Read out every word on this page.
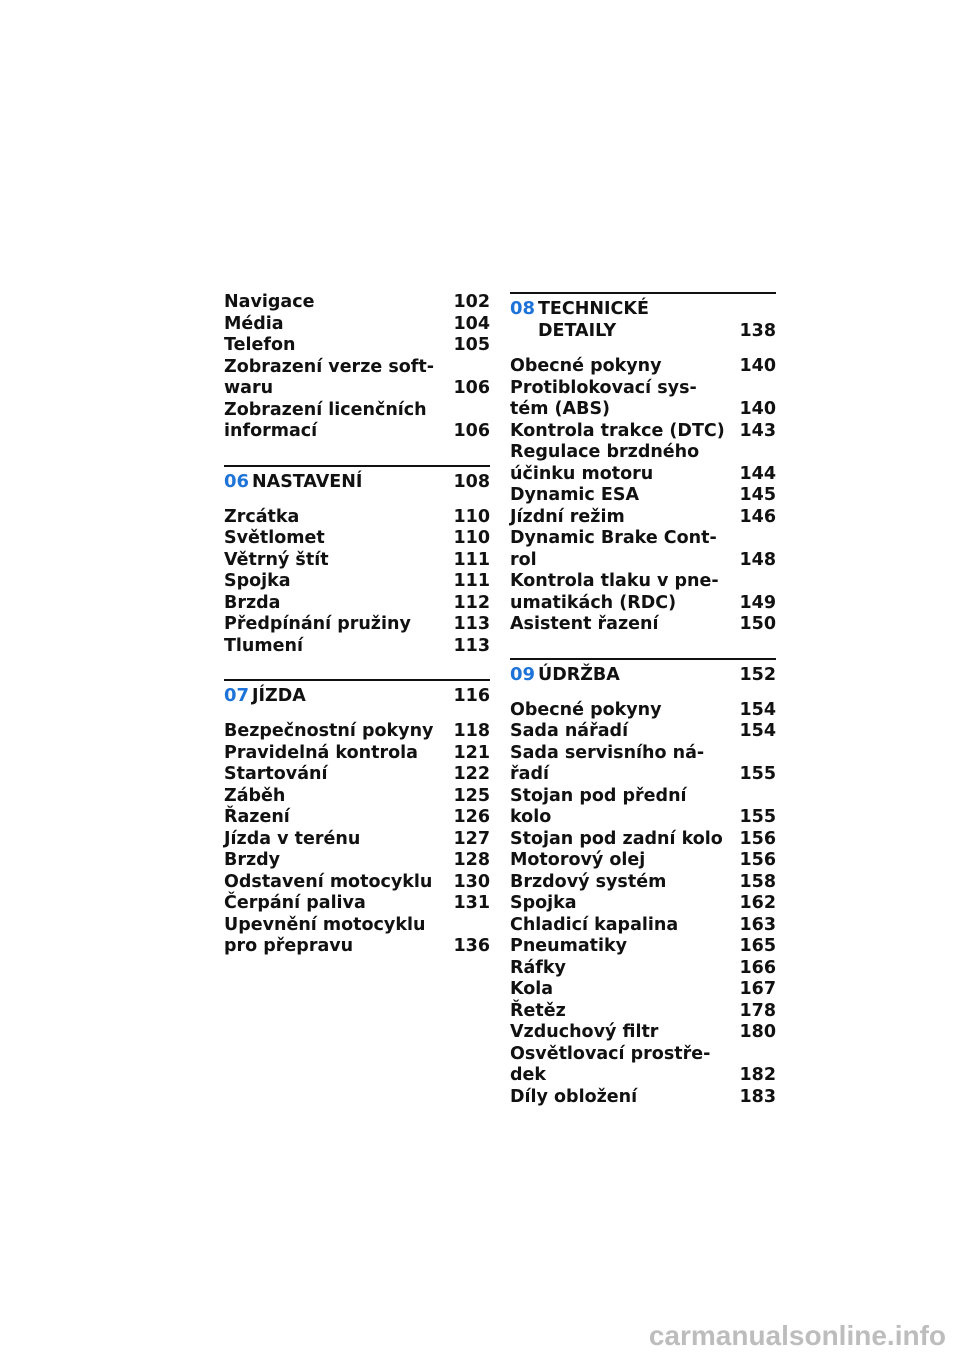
Navigace	102
Média	104
Telefon	105
Zobrazení verze soft- waru	106
Zobrazení licenčních informací	106
06 NASTAVENÍ	108
Zrcátka	110
Světlomet	110
Větrný štít	111
Spojka	111
Brzda	112
Předpínání pružiny	113
Tlumení	113
07 JÍZDA	116
Bezpečnostní pokyny	118
Pravidelná kontrola	121
Startování	122
Záběh	125
Řazení	126
Jízda v terénu	127
Brzdy	128
Odstavení motocyklu	130
Čerpání paliva	131
Upevnění motocyklu pro přepravu	136
08 TECHNICKÉ
DETAILY	138
Obecné pokyny	140
Protiblokovací sys- tém (ABS)	140
Kontrola trakce (DTC) 143
Regulace brzdného účinku motoru	144
Dynamic ESA	145
Jízdní režim	146
Dynamic Brake Cont- rol	148
Kontrola tlaku v pne- umatikách (RDC)	149
Asistent řazení	150
09 ÚDRŽBA	152
Obecné pokyny	154
Sada nářadí	154
Sada servisního ná- řadí	155
Stojan pod přední kolo	155
Stojan pod zadní kolo 156
Motorový olej	156
Brzdový systém	158
Spojka	162
Chladicí kapalina	163
Pneumatiky	165
Ráfky	166
Kola	167
Řetěz	178
Vzduchový filtr	180
Osvětlovací prostře- dek	182
Díly obložení	183
carmanualsonline.info
